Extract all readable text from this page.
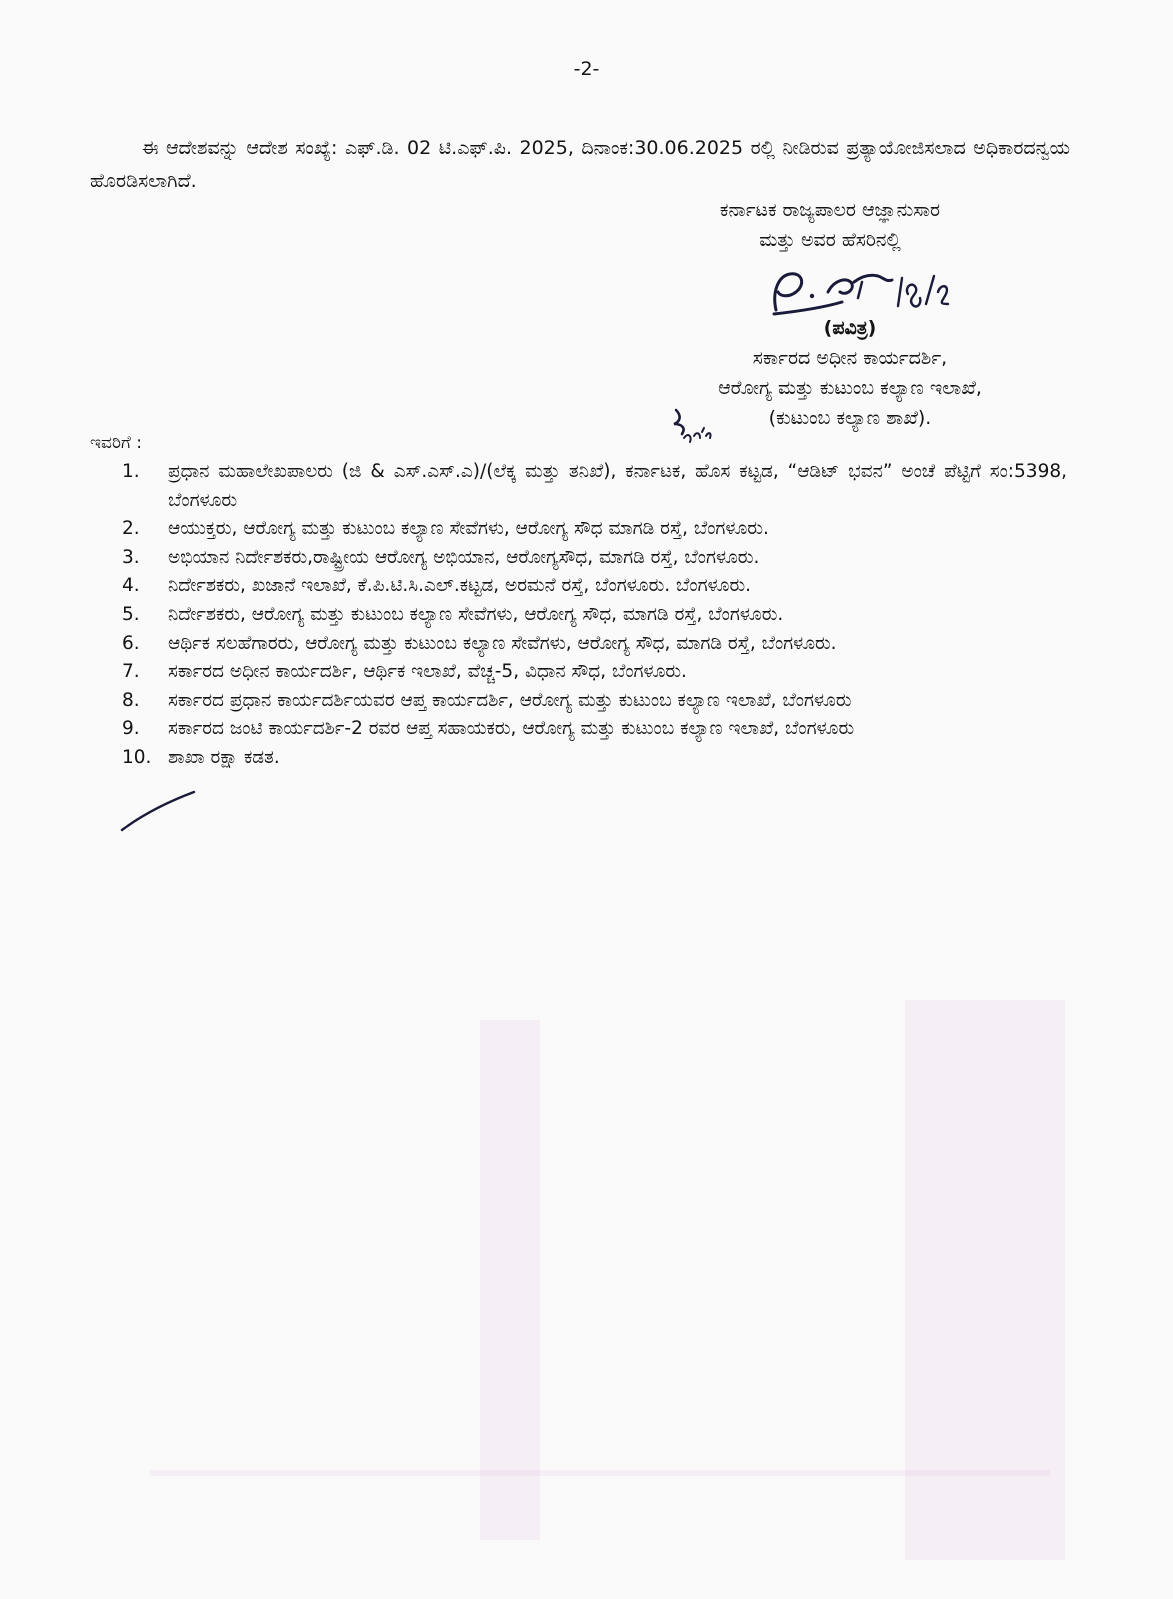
-2-
ಈ ಆದೇಶವನ್ನು ಆದೇಶ ಸಂಖ್ಯೆ: ಎಫ್.ಡಿ. 02 ಟಿ.ಎಫ್.ಪಿ. 2025, ದಿನಾಂಕ:30.06.2025 ರಲ್ಲಿ ನೀಡಿರುವ ಪ್ರತ್ಯಾಯೋಜಿಸಲಾದ ಅಧಿಕಾರದನ್ವಯ ಹೊರಡಿಸಲಾಗಿದೆ.
ಕರ್ನಾಟಕ ರಾಜ್ಯಪಾಲರ ಆಜ್ಞಾನುಸಾರ
ಮತ್ತು ಅವರ ಹೆಸರಿನಲ್ಲಿ
(ಪವಿತ್ರ)
ಸರ್ಕಾರದ ಅಧೀನ ಕಾರ್ಯದರ್ಶಿ,
ಆರೋಗ್ಯ ಮತ್ತು ಕುಟುಂಬ ಕಲ್ಯಾಣ ಇಲಾಖೆ,
(ಕುಟುಂಬ ಕಲ್ಯಾಣ ಶಾಖೆ).
ಇವರಿಗೆ :
1.	ಪ್ರಧಾನ ಮಹಾಲೇಖಪಾಲರು (ಜಿ & ಎಸ್.ಎಸ್.ಎ)/(ಲೆಕ್ಕ ಮತ್ತು ತನಿಖೆ), ಕರ್ನಾಟಕ, ಹೊಸ ಕಟ್ಟಡ, “ಆಡಿಟ್ ಭವನ” ಅಂಚೆ ಪೆಟ್ಟಿಗೆ ಸಂ:5398, ಬೆಂಗಳೂರು
2.	ಆಯುಕ್ತರು, ಆರೋಗ್ಯ ಮತ್ತು ಕುಟುಂಬ ಕಲ್ಯಾಣ ಸೇವೆಗಳು, ಆರೋಗ್ಯ ಸೌಧ ಮಾಗಡಿ ರಸ್ತೆ, ಬೆಂಗಳೂರು.
3.	ಅಭಿಯಾನ ನಿರ್ದೇಶಕರು,ರಾಷ್ಟ್ರೀಯ ಆರೋಗ್ಯ ಅಭಿಯಾನ, ಆರೋಗ್ಯಸೌಧ, ಮಾಗಡಿ ರಸ್ತೆ, ಬೆಂಗಳೂರು.
4.	ನಿರ್ದೇಶಕರು, ಖಜಾನೆ ಇಲಾಖೆ, ಕೆ.ಪಿ.ಟಿ.ಸಿ.ಎಲ್.ಕಟ್ಟಡ, ಅರಮನೆ ರಸ್ತೆ, ಬೆಂಗಳೂರು. ಬೆಂಗಳೂರು.
5.	ನಿರ್ದೇಶಕರು, ಆರೋಗ್ಯ ಮತ್ತು ಕುಟುಂಬ ಕಲ್ಯಾಣ ಸೇವೆಗಳು, ಆರೋಗ್ಯ ಸೌಧ, ಮಾಗಡಿ ರಸ್ತೆ, ಬೆಂಗಳೂರು.
6.	ಆರ್ಥಿಕ ಸಲಹೆಗಾರರು, ಆರೋಗ್ಯ ಮತ್ತು ಕುಟುಂಬ ಕಲ್ಯಾಣ ಸೇವೆಗಳು, ಆರೋಗ್ಯ ಸೌಧ, ಮಾಗಡಿ ರಸ್ತೆ, ಬೆಂಗಳೂರು.
7.	ಸರ್ಕಾರದ ಅಧೀನ ಕಾರ್ಯದರ್ಶಿ, ಆರ್ಥಿಕ ಇಲಾಖೆ, ವೆಚ್ಚ-5, ವಿಧಾನ ಸೌಧ, ಬೆಂಗಳೂರು.
8.	ಸರ್ಕಾರದ ಪ್ರಧಾನ ಕಾರ್ಯದರ್ಶಿಯವರ ಆಪ್ತ ಕಾರ್ಯದರ್ಶಿ, ಆರೋಗ್ಯ ಮತ್ತು ಕುಟುಂಬ ಕಲ್ಯಾಣ ಇಲಾಖೆ, ಬೆಂಗಳೂರು
9.	ಸರ್ಕಾರದ ಜಂಟಿ ಕಾರ್ಯದರ್ಶಿ-2 ರವರ ಆಪ್ತ ಸಹಾಯಕರು, ಆರೋಗ್ಯ ಮತ್ತು ಕುಟುಂಬ ಕಲ್ಯಾಣ ಇಲಾಖೆ, ಬೆಂಗಳೂರು
10. ಶಾಖಾ ರಕ್ಷಾ ಕಡತ.
